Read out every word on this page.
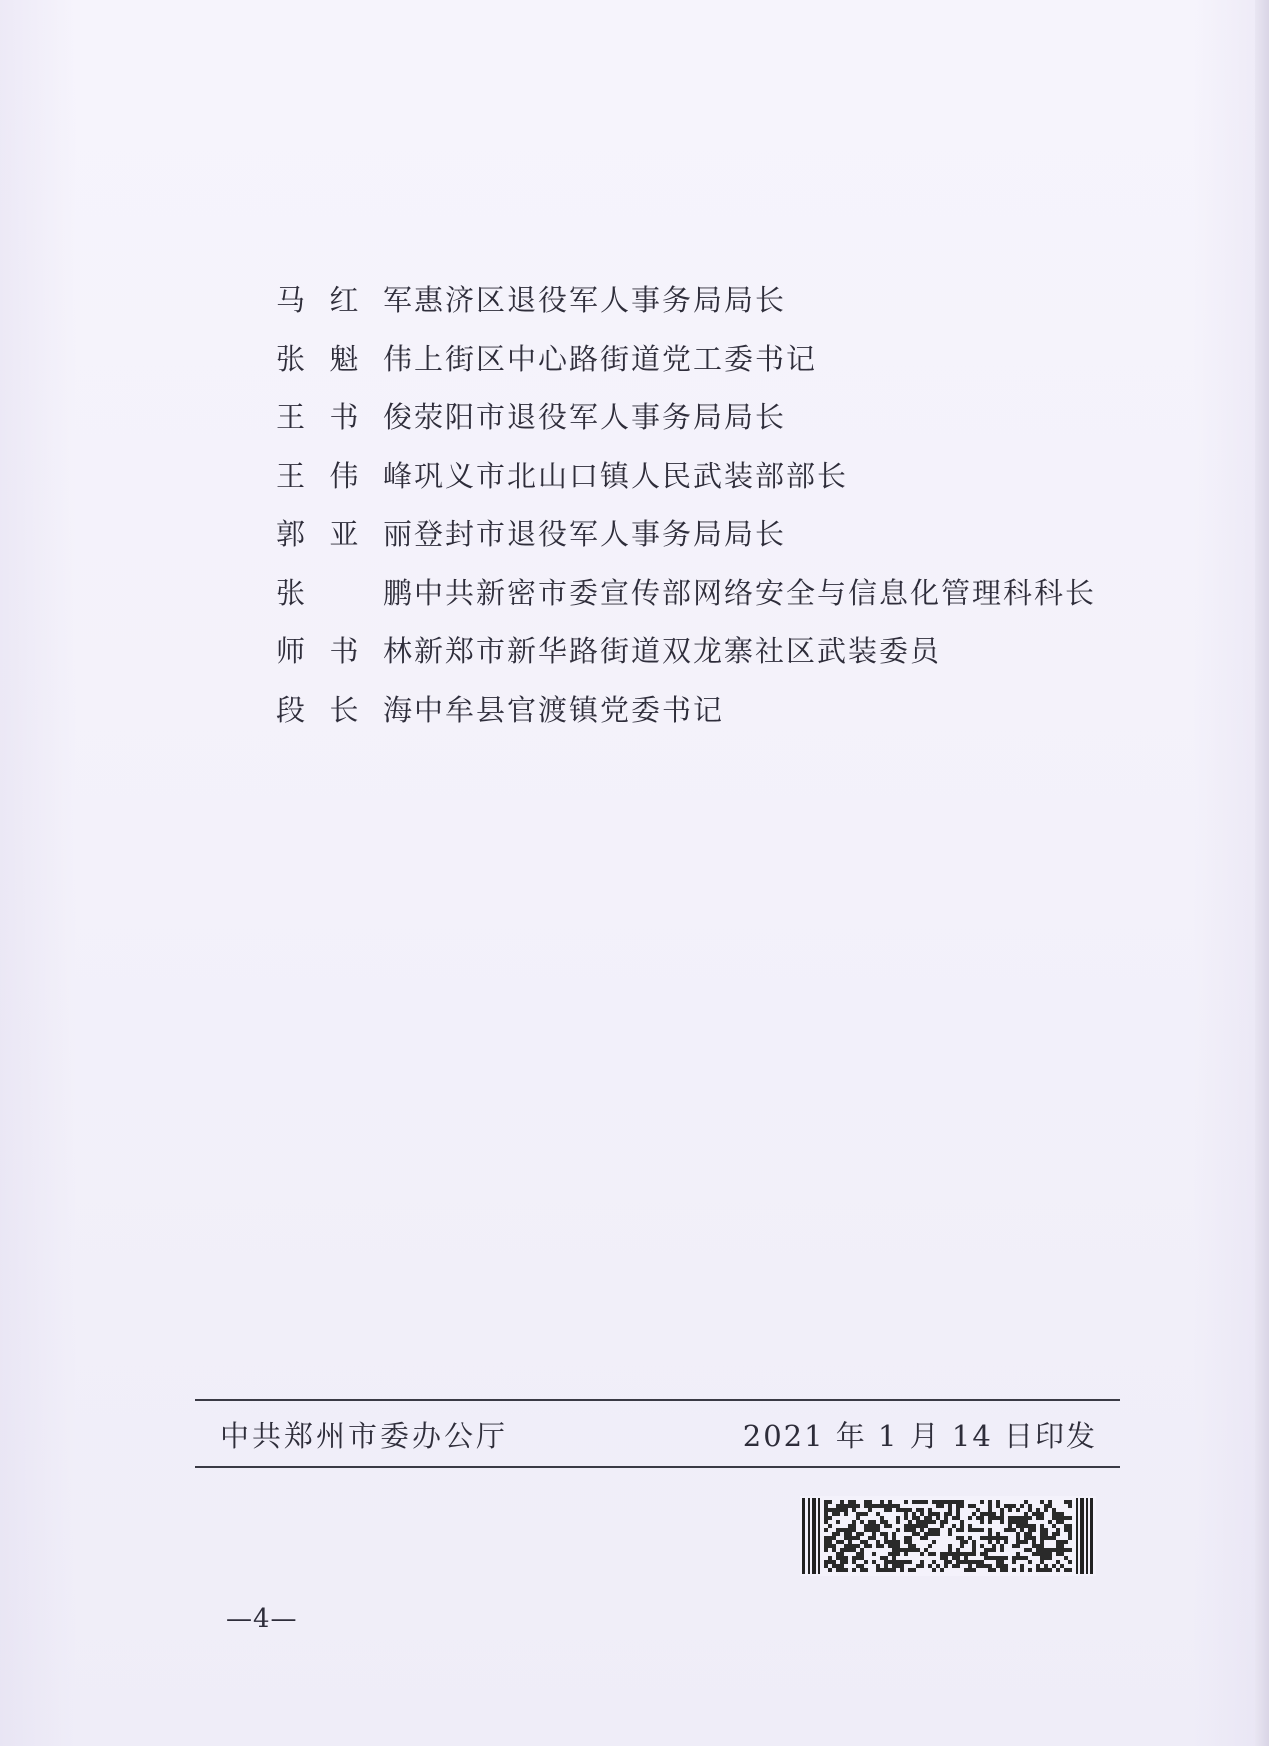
马红军 惠济区退役军人事务局局长
张魁伟 上街区中心路街道党工委书记
王书俊 荥阳市退役军人事务局局长
王伟峰 巩义市北山口镇人民武装部部长
郭亚丽 登封市退役军人事务局局长
张 鹏 中共新密市委宣传部网络安全与信息化管理科科长
师书林 新郑市新华路街道双龙寨社区武装委员
段长海 中牟县官渡镇党委书记
中共郑州市委办公厅	2021 年 1 月 14 日印发
—4—
